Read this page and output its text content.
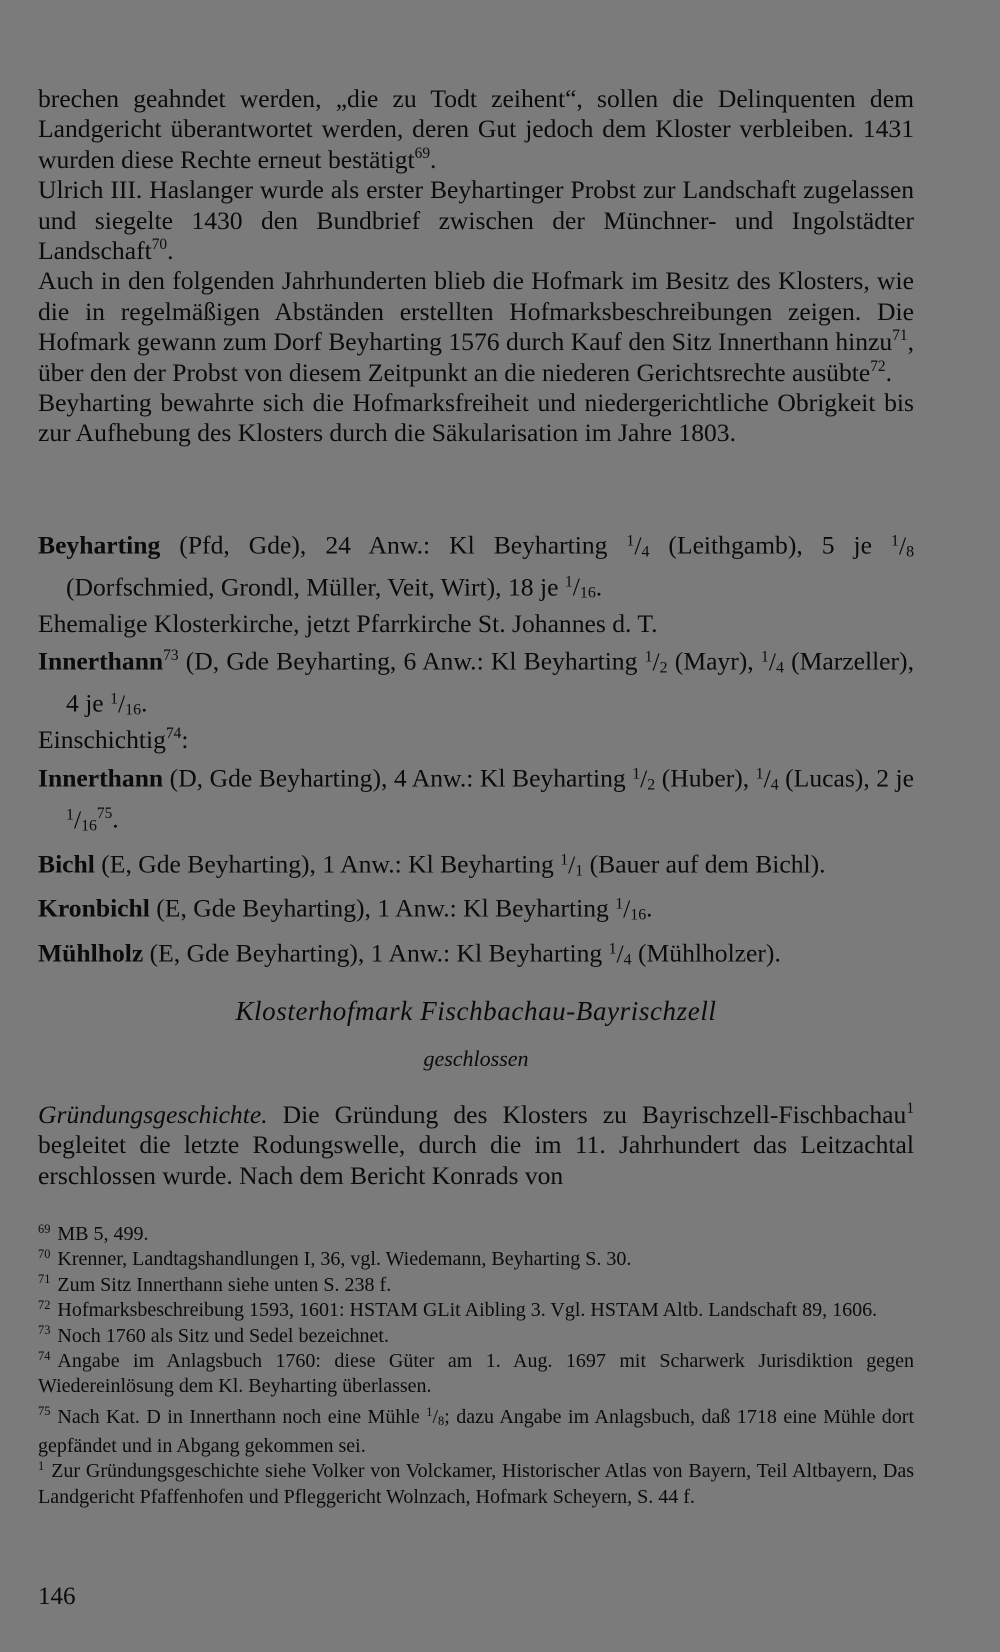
brechen geahndet werden, „die zu Todt zeihent“, sollen die Delinquenten dem Landgericht überantwortet werden, deren Gut jedoch dem Kloster verbleiben. 1431 wurden diese Rechte erneut bestätigt$^{69}$.

Ulrich III. Haslanger wurde als erster Beyhartinger Probst zur Landschaft zugelassen und siegelte 1430 den Bundbrief zwischen der Münchner- und Ingolstädter Landschaft$^{70}$.

Auch in den folgenden Jahrhunderten blieb die Hofmark im Besitz des Klosters, wie die in regelmäßigen Abständen erstellten Hofmarksbeschreibungen zeigen. Die Hofmark gewann zum Dorf Beyharting 1576 durch Kauf den Sitz Innerthann hinzu$^{71}$, über den der Probst von diesem Zeitpunkt an die niederen Gerichtsrechte ausübte$^{72}$.

Beyharting bewahrte sich die Hofmarksfreiheit und niedergerichtliche Obrigkeit bis zur Aufhebung des Klosters durch die Säkularisation im Jahre 1803.

Beyharting (Pfd, Gde), 24 Anw.: Kl Beyharting $^1$/4 (Leithgamb), 5 je $^1$/8 (Dorfschmied, Grondl, Müller, Veit, Wirt), 18 je $^1$/16.
Ehemalige Klosterkirche, jetzt Pfarrkirche St. Johannes d. T.

Innerthann$^{73}$ (D, Gde Beyharting, 6 Anw.: Kl Beyharting $^1$/2 (Mayr), $^1$/4 (Marzeller), 4 je $^1$/16.
Einschichtig$^{74}$:

Innerthann (D, Gde Beyharting), 4 Anw.: Kl Beyharting $^1$/2 (Huber), $^1$/4 (Lucas), 2 je $^1/16^{75}$.

Bichl (E, Gde Beyharting), 1 Anw.: Kl Beyharting $^1$/1 (Bauer auf dem Bichl).

Kronbichl (E, Gde Beyharting), 1 Anw.: Kl Beyharting $^1$/16.

Mühlholz (E, Gde Beyharting), 1 Anw.: Kl Beyharting $^1$/4 (Mühlholzer).

Klosterhofmark Fischbachau-Bayrischzell
geschlossen
Gründungsgeschichte. Die Gründung des Klosters zu Bayrischzell-Fischbachau$^1$ begleitet die letzte Rodungswelle, durch die im 11. Jahrhundert das Leitzachtal erschlossen wurde. Nach dem Bericht Konrads von

$^{69}$ MB 5, 499.

$^{70}$ Krenner, Landtagshandlungen I, 36, vgl. Wiedemann, Beyharting S. 30.

$^{71}$ Zum Sitz Innerthann siehe unten S. 238 f.

$^{72}$ Hofmarksbeschreibung 1593, 1601: HSTAM GLit Aibling 3. Vgl. HSTAM Altb. Landschaft 89, 1606.

$^{73}$ Noch 1760 als Sitz und Sedel bezeichnet.

$^{74}$ Angabe im Anlagsbuch 1760: diese Güter am 1. Aug. 1697 mit Scharwerk Jurisdiktion gegen Wiedereinlösung dem Kl. Beyharting überlassen.

$^{75}$ Nach Kat. D in Innerthann noch eine Mühle $^1$/8; dazu Angabe im Anlagsbuch, daß 1718 eine Mühle dort gepfändet und in Abgang gekommen sei.

$^1$ Zur Gründungsgeschichte siehe Volker von Volckamer, Historischer Atlas von Bayern, Teil Altbayern, Das Landgericht Pfaffenhofen und Pfleggericht Wolnzach, Hofmark Scheyern, S. 44 f.

146
